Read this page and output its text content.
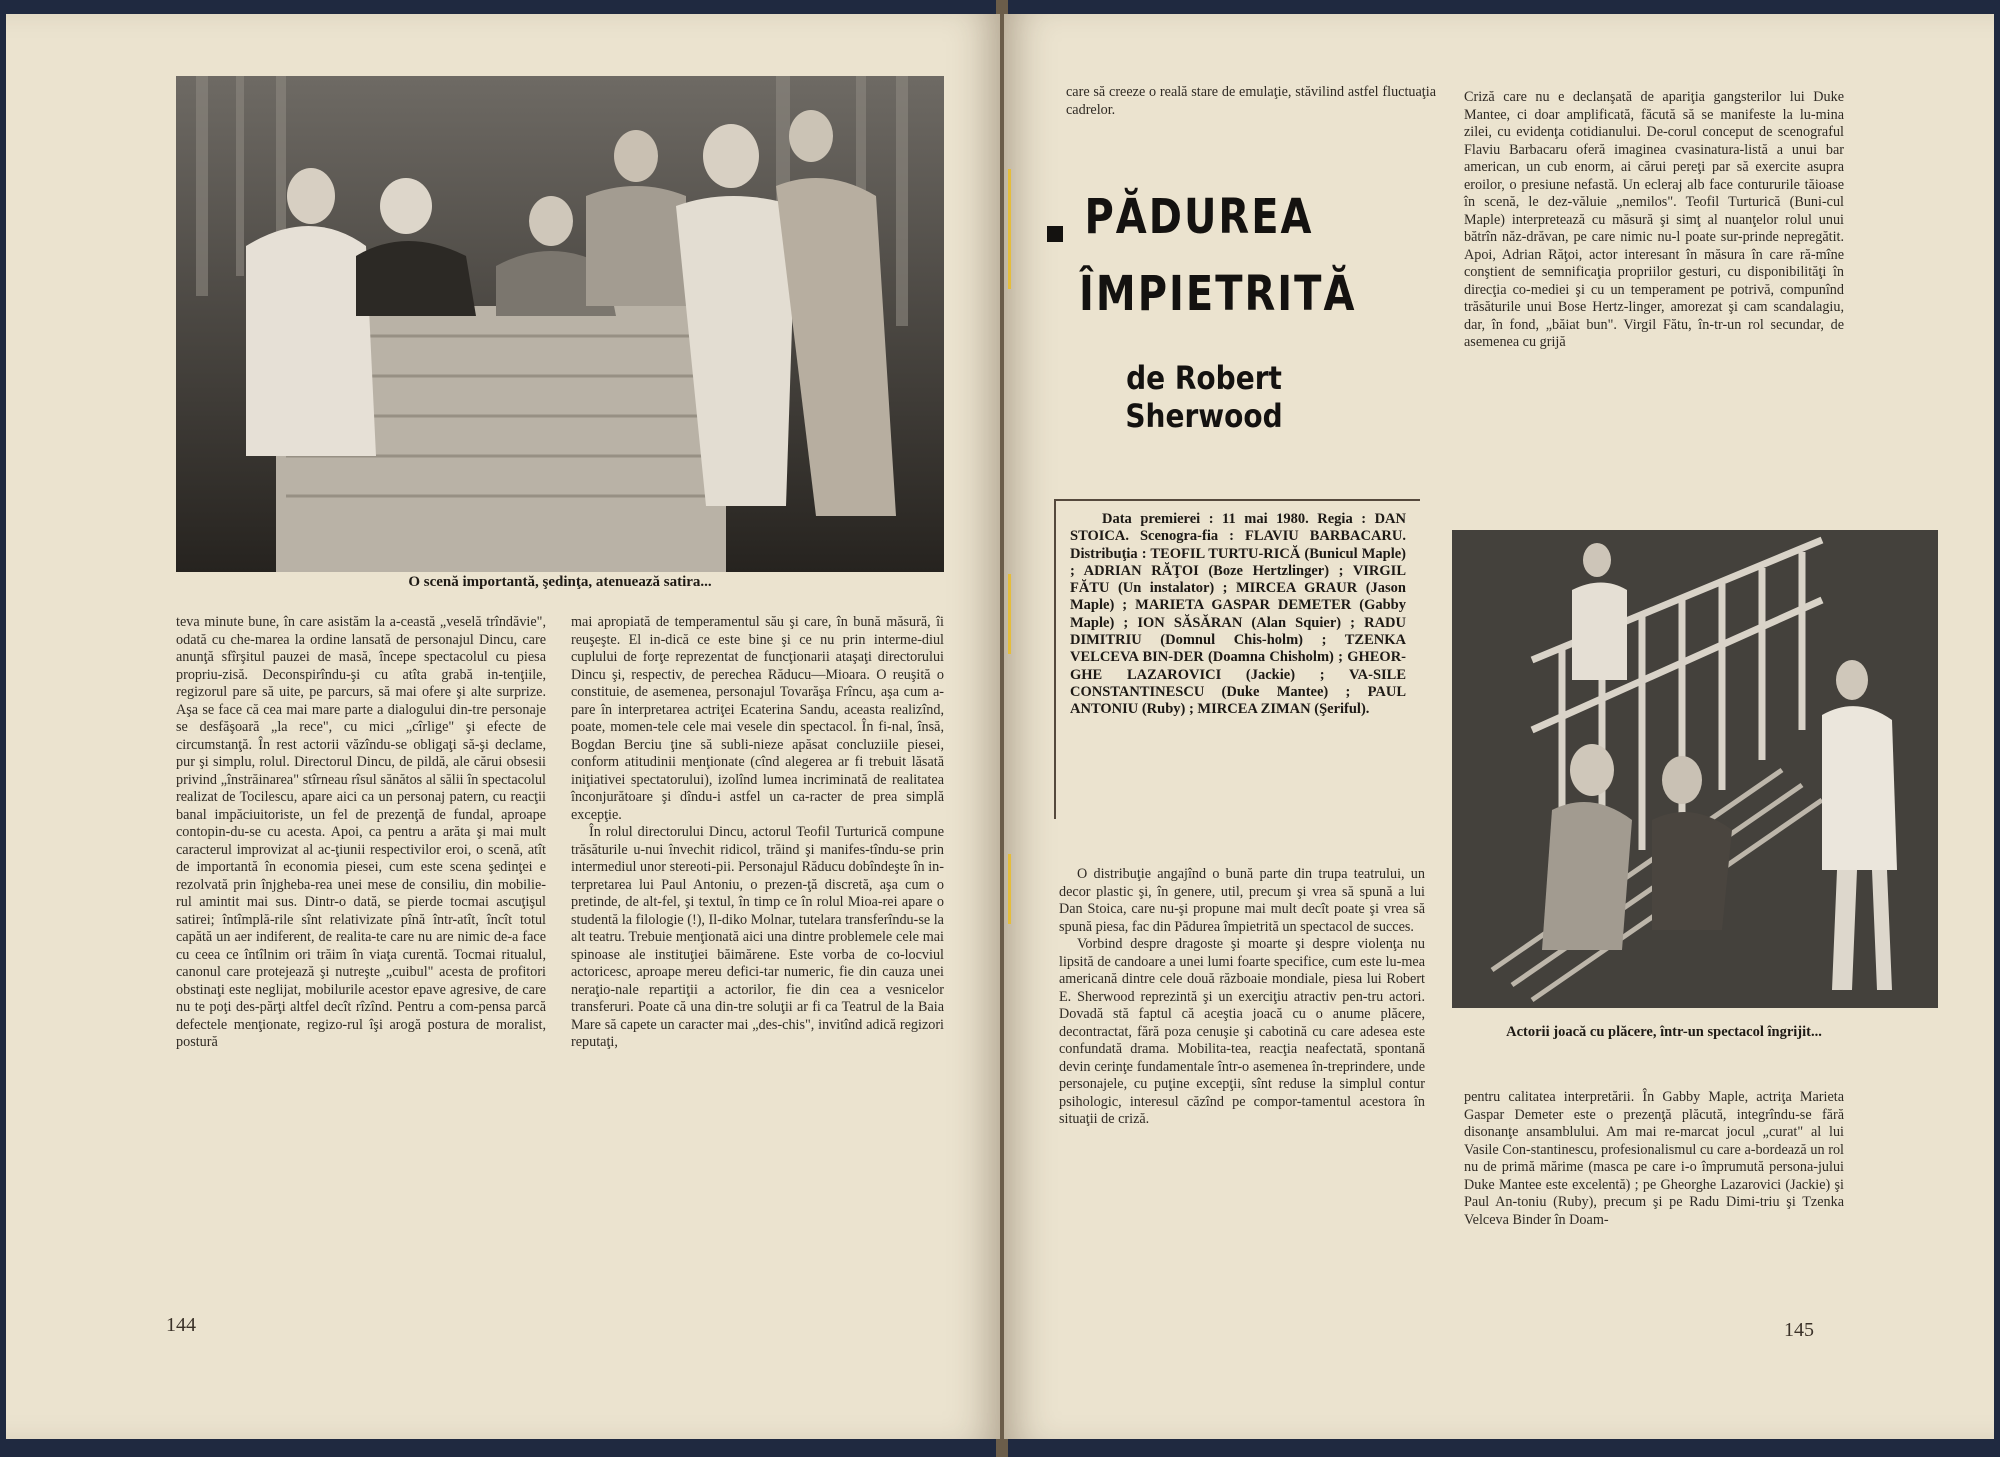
O scenă importantă, şedinţa, atenuează satira...

teva minute bune, în care asistăm la a-ceastă „veselă trîndăvie", odată cu che-marea la ordine lansată de personajul Dincu, care anunţă sfîrşitul pauzei de masă, începe spectacolul cu piesa propriu-zisă. Deconspirîndu-şi cu atîta grabă in-tenţiile, regizorul pare să uite, pe parcurs, să mai ofere şi alte surprize. Aşa se face că cea mai mare parte a dialogului din-tre personaje se desfăşoară „la rece", cu mici „cîrlige" şi efecte de circumstanţă. În rest actorii văzîndu-se obligaţi să-şi declame, pur şi simplu, rolul. Directorul Dincu, de pildă, ale cărui obsesii privind „înstrăinarea" stîrneau rîsul sănătos al sălii în spectacolul realizat de Tocilescu, apare aici ca un personaj patern, cu reacţii banal impăciuitoriste, un fel de prezenţă de fundal, aproape contopin-du-se cu acesta. Apoi, ca pentru a arăta şi mai mult caracterul improvizat al ac-ţiunii respectivilor eroi, o scenă, atît de importantă în economia piesei, cum este scena şedinţei e rezolvată prin înjgheba-rea unei mese de consiliu, din mobilie-rul amintit mai sus. Dintr-o dată, se pierde tocmai ascuţişul satirei; întîmplă-rile sînt relativizate pînă într-atît, încît totul capătă un aer indiferent, de realita-te care nu are nimic de-a face cu ceea ce întîlnim ori trăim în viaţa curentă. Tocmai ritualul, canonul care protejează şi nutreşte „cuibul" acesta de profitori obstinaţi este neglijat, mobilurile acestor epave agresive, de care nu te poţi des-părţi altfel decît rîzînd. Pentru a com-pensa parcă defectele menţionate, regizo-rul îşi arogă postura de moralist, postură

mai apropiată de temperamentul său şi care, în bună măsură, îi reuşeşte. El in-dică ce este bine şi ce nu prin interme-diul cuplului de forţe reprezentat de funcţionarii ataşaţi directorului Dincu şi, respectiv, de perechea Răducu—Mioara. O reuşită o constituie, de asemenea, personajul Tovarăşa Frîncu, aşa cum a-pare în interpretarea actriţei Ecaterina Sandu, aceasta realizînd, poate, momen-tele cele mai vesele din spectacol. În fi-nal, însă, Bogdan Berciu ţine să subli-nieze apăsat concluziile piesei, conform atitudinii menţionate (cînd alegerea ar fi trebuit lăsată iniţiativei spectatorului), izolînd lumea incriminată de realitatea înconjurătoare şi dîndu-i astfel un ca-racter de prea simplă excepţie.

În rolul directorului Dincu, actorul Teofil Turturică compune trăsăturile u-nui învechit ridicol, trăind şi manifes-tîndu-se prin intermediul unor stereoti-pii. Personajul Răducu dobîndeşte în in-terpretarea lui Paul Antoniu, o prezen-ţă discretă, aşa cum o pretinde, de alt-fel, şi textul, în timp ce în rolul Mioa-rei apare o studentă la filologie (!), Il-diko Molnar, tutelara transferîndu-se la alt teatru. Trebuie menţionată aici una dintre problemele cele mai spinoase ale instituţiei băimărene. Este vorba de co-locviul actoricesc, aproape mereu defici-tar numeric, fie din cauza unei neraţio-nale repartiţii a actorilor, fie din cea a vesnicelor transferuri. Poate că una din-tre soluţii ar fi ca Teatrul de la Baia Mare să capete un caracter mai „des-chis", invitînd adică regizori reputaţi,

144

care să creeze o reală stare de emulaţie, stăvilind astfel fluctuaţia cadrelor.

PĂDUREA
ÎMPIETRITĂ
de Robert Sherwood
Data premierei : 11 mai 1980. Regia : DAN STOICA. Scenogra-fia : FLAVIU BARBACARU. Distribuţia : TEOFIL TURTU-RICĂ (Bunicul Maple) ; ADRIAN RĂŢOI (Boze Hertzlinger) ; VIRGIL FĂTU (Un instalator) ; MIRCEA GRAUR (Jason Maple) ; MARIETA GASPAR DEMETER (Gabby Maple) ; ION SĂSĂRAN (Alan Squier) ; RADU DIMITRIU (Domnul Chis-holm) ; TZENKA VELCEVA BIN-DER (Doamna Chisholm) ; GHEOR-GHE LAZAROVICI (Jackie) ; VA-SILE CONSTANTINESCU (Duke Mantee) ; PAUL ANTONIU (Ruby) ; MIRCEA ZIMAN (Şeriful).

O distribuţie angajînd o bună parte din trupa teatrului, un decor plastic şi, în genere, util, precum şi vrea să spună a lui Dan Stoica, care nu-şi propune mai mult decît poate şi vrea să spună piesa, fac din Pădurea împietrită un spectacol de succes.

Vorbind despre dragoste şi moarte şi despre violenţa nu lipsită de candoare a unei lumi foarte specifice, cum este lu-mea americană dintre cele două războaie mondiale, piesa lui Robert E. Sherwood reprezintă şi un exerciţiu atractiv pen-tru actori. Dovadă stă faptul că aceştia joacă cu o anume plăcere, decontractat, fără poza cenuşie şi cabotină cu care adesea este confundată drama. Mobilita-tea, reacţia neafectată, spontană devin cerinţe fundamentale într-o asemenea în-treprindere, unde personajele, cu puţine excepţii, sînt reduse la simplul contur psihologic, interesul căzînd pe compor-tamentul acestora în situaţii de criză.

Criză care nu e declanşată de apariţia gangsterilor lui Duke Mantee, ci doar amplificată, făcută să se manifeste la lu-mina zilei, cu evidenţa cotidianului. De-corul conceput de scenograful Flaviu Barbacaru oferă imaginea cvasinatura-listă a unui bar american, un cub enorm, ai cărui pereţi par să exercite asupra eroilor, o presiune nefastă. Un ecleraj alb face contururile tăioase în scenă, le dez-văluie „nemilos". Teofil Turturică (Buni-cul Maple) interpretează cu măsură şi simţ al nuanţelor rolul unui bătrîn năz-drăvan, pe care nimic nu-l poate sur-prinde nepregătit. Apoi, Adrian Răţoi, actor interesant în măsura în care ră-mîne conştient de semnificaţia propriilor gesturi, cu disponibilităţi în direcţia co-mediei şi cu un temperament pe potrivă, compunînd trăsăturile unui Bose Hertz-linger, amorezat şi cam scandalagiu, dar, în fond, „băiat bun". Virgil Fătu, în-tr-un rol secundar, de asemenea cu grijă

Actorii joacă cu plăcere, într-un spectacol îngrijit...

pentru calitatea interpretării. În Gabby Maple, actriţa Marieta Gaspar Demeter este o prezenţă plăcută, integrîndu-se fără disonanţe ansamblului. Am mai re-marcat jocul „curat" al lui Vasile Con-stantinescu, profesionalismul cu care a-bordează un rol nu de primă mărime (masca pe care i-o împrumută persona-jului Duke Mantee este excelentă) ; pe Gheorghe Lazarovici (Jackie) şi Paul An-toniu (Ruby), precum şi pe Radu Dimi-triu şi Tzenka Velceva Binder în Doam-

145
